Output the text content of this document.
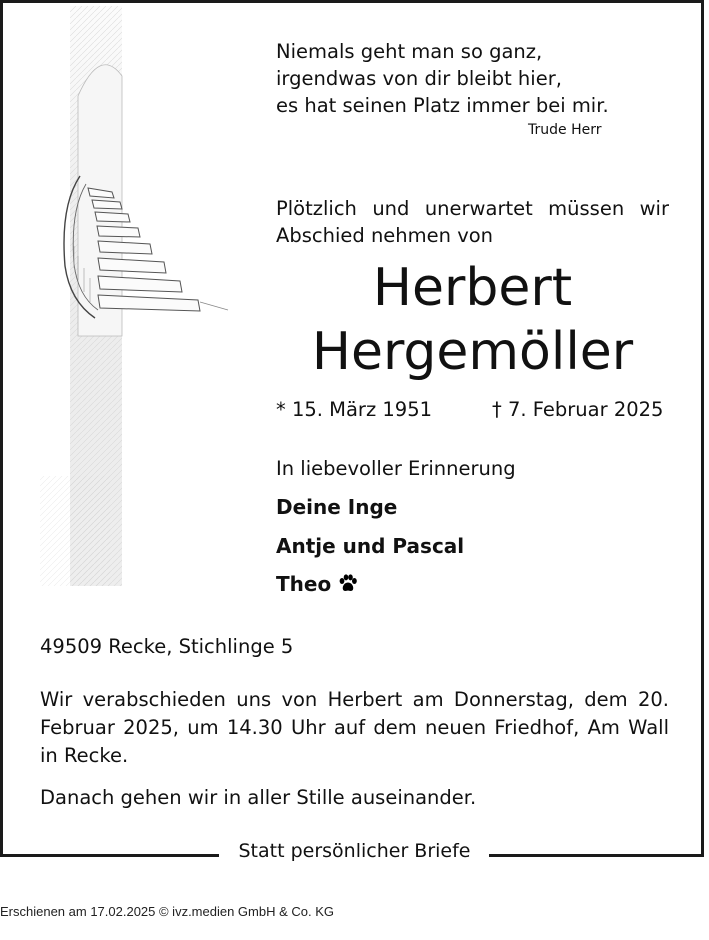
Statt persönlicher Briefe

Niemals geht man so ganz,
irgendwas von dir bleibt hier,
es hat seinen Platz immer bei mir.

Trude Herr

Plötzlich und unerwartet müssen wir
Abschied nehmen von

Herbert
Hergemöller

* 15. März 1951	† 7. Februar 2025

In liebevoller Erinnerung

Deine Inge

Antje und Pascal

Theo

49509 Recke, Stichlinge 5

Wir verabschieden uns von Herbert am Donnerstag, dem 20. Februar 2025, um 14.30 Uhr auf dem neuen Friedhof, Am Wall in Recke.

Danach gehen wir in aller Stille auseinander.

Erschienen am 17.02.2025 © ivz.medien GmbH & Co. KG
